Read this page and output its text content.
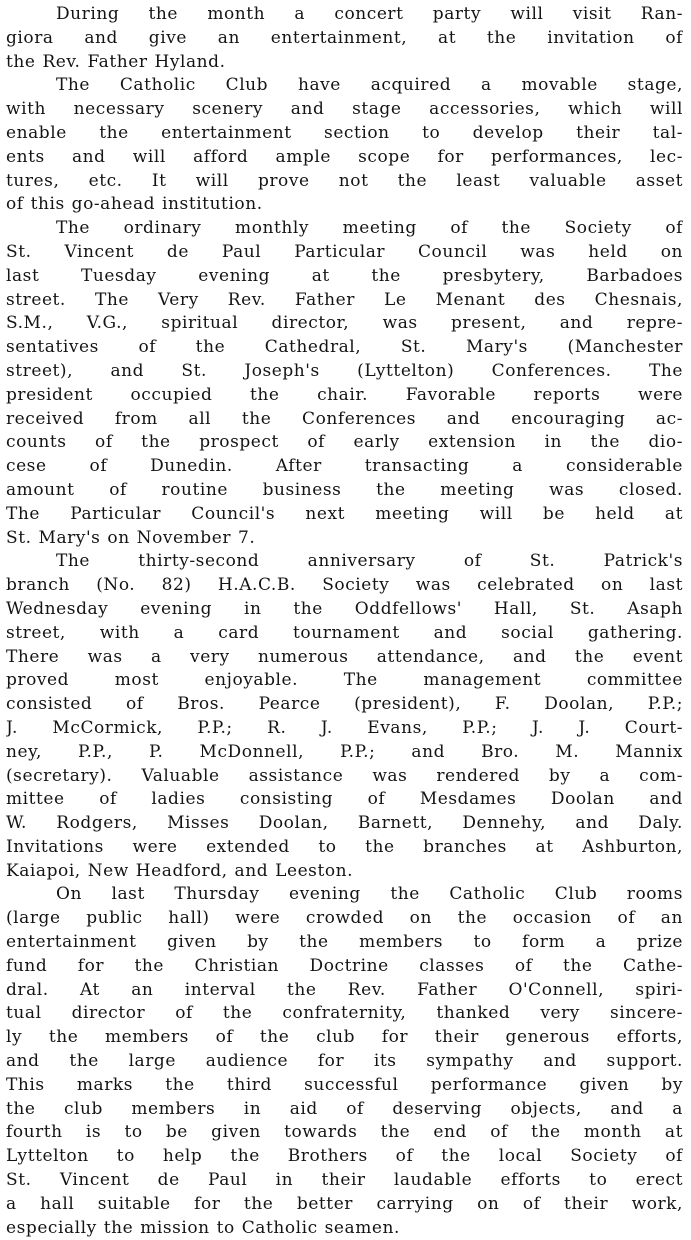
During the month a concert party will visit Ran-
giora and give an entertainment, at the invitation of
the Rev. Father Hyland.
The Catholic Club have acquired a movable stage,
with necessary scenery and stage accessories, which will
enable the entertainment section to develop their tal-
ents and will afford ample scope for performances, lec-
tures, etc. It will prove not the least valuable asset
of this go-ahead institution.
The ordinary monthly meeting of the Society of
St. Vincent de Paul Particular Council was held on
last Tuesday evening at the presbytery, Barbadoes
street. The Very Rev. Father Le Menant des Chesnais,
S.M., V.G., spiritual director, was present, and repre-
sentatives of the Cathedral, St. Mary's (Manchester
street), and St. Joseph's (Lyttelton) Conferences. The
president occupied the chair. Favorable reports were
received from all the Conferences and encouraging ac-
counts of the prospect of early extension in the dio-
cese of Dunedin. After transacting a considerable
amount of routine business the meeting was closed.
The Particular Council's next meeting will be held at
St. Mary's on November 7.
The thirty-second anniversary of St. Patrick's
branch (No. 82) H.A.C.B. Society was celebrated on last
Wednesday evening in the Oddfellows' Hall, St. Asaph
street, with a card tournament and social gathering.
There was a very numerous attendance, and the event
proved most enjoyable. The management committee
consisted of Bros. Pearce (president), F. Doolan, P.P.;
J. McCormick, P.P.; R. J. Evans, P.P.; J. J. Court-
ney, P.P., P. McDonnell, P.P.; and Bro. M. Mannix
(secretary). Valuable assistance was rendered by a com-
mittee of ladies consisting of Mesdames Doolan and
W. Rodgers, Misses Doolan, Barnett, Dennehy, and Daly.
Invitations were extended to the branches at Ashburton,
Kaiapoi, New Headford, and Leeston.
On last Thursday evening the Catholic Club rooms
(large public hall) were crowded on the occasion of an
entertainment given by the members to form a prize
fund for the Christian Doctrine classes of the Cathe-
dral. At an interval the Rev. Father O'Connell, spiri-
tual director of the confraternity, thanked very sincere-
ly the members of the club for their generous efforts,
and the large audience for its sympathy and support.
This marks the third successful performance given by
the club members in aid of deserving objects, and a
fourth is to be given towards the end of the month at
Lyttelton to help the Brothers of the local Society of
St. Vincent de Paul in their laudable efforts to erect
a hall suitable for the better carrying on of their work,
especially the mission to Catholic seamen.
